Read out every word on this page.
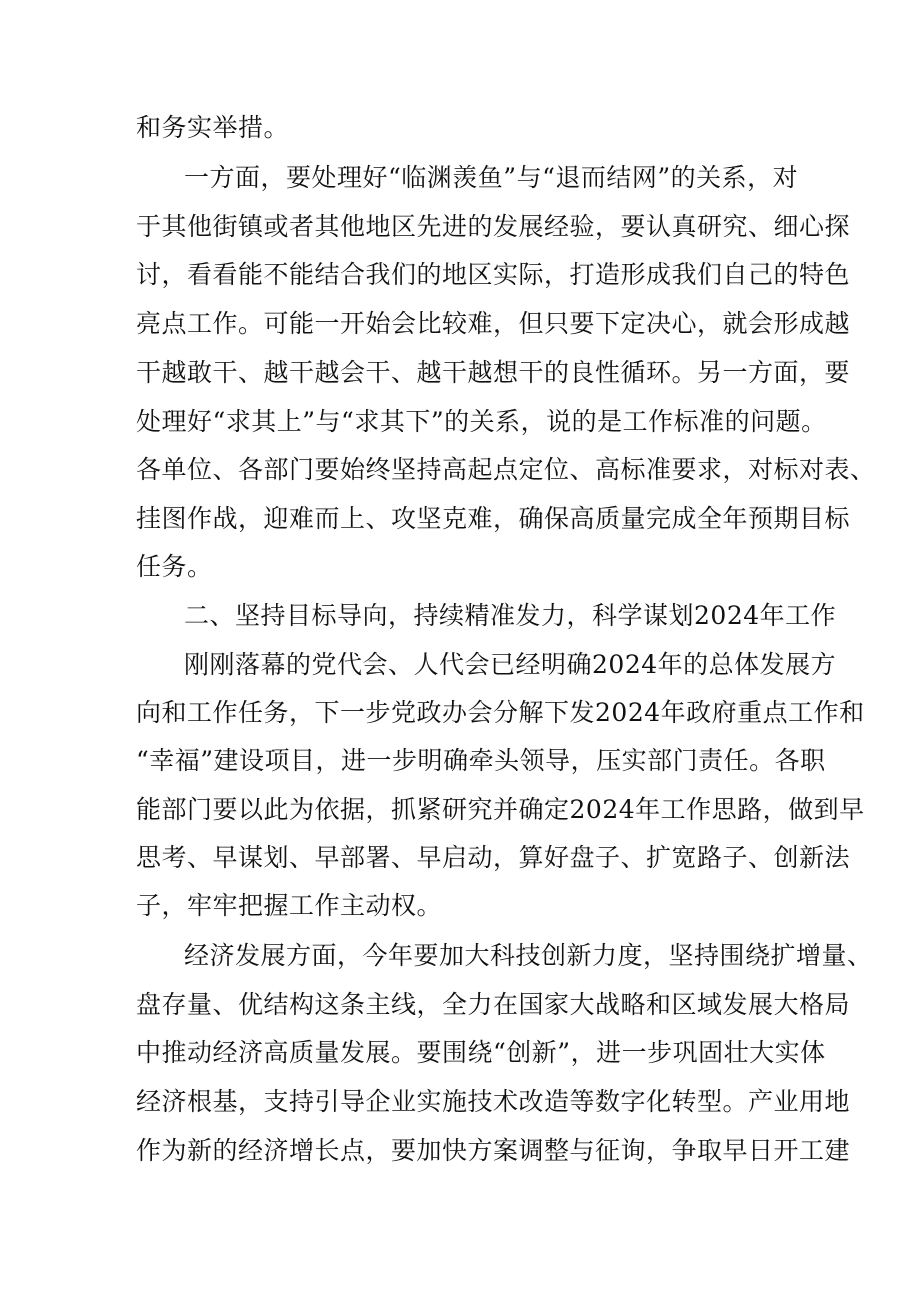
和务实举措。
一方面，要处理好“临渊羡鱼”与“退而结网”的关系，对
于其他街镇或者其他地区先进的发展经验，要认真研究、细心探
讨，看看能不能结合我们的地区实际，打造形成我们自己的特色
亮点工作。可能一开始会比较难，但只要下定决心，就会形成越
干越敢干、越干越会干、越干越想干的良性循环。另一方面，要
处理好“求其上”与“求其下”的关系，说的是工作标准的问题。
各单位、各部门要始终坚持高起点定位、高标准要求，对标对表、
挂图作战，迎难而上、攻坚克难，确保高质量完成全年预期目标
任务。
二、坚持目标导向，持续精准发力，科学谋划2024年工作
刚刚落幕的党代会、人代会已经明确2024年的总体发展方
向和工作任务，下一步党政办会分解下发2024年政府重点工作和
“幸福”建设项目，进一步明确牵头领导，压实部门责任。各职
能部门要以此为依据，抓紧研究并确定2024年工作思路，做到早
思考、早谋划、早部署、早启动，算好盘子、扩宽路子、创新法
子，牢牢把握工作主动权。
经济发展方面，今年要加大科技创新力度，坚持围绕扩增量、
盘存量、优结构这条主线，全力在国家大战略和区域发展大格局
中推动经济高质量发展。要围绕“创新”，进一步巩固壮大实体
经济根基，支持引导企业实施技术改造等数字化转型。产业用地
作为新的经济增长点，要加快方案调整与征询，争取早日开工建
